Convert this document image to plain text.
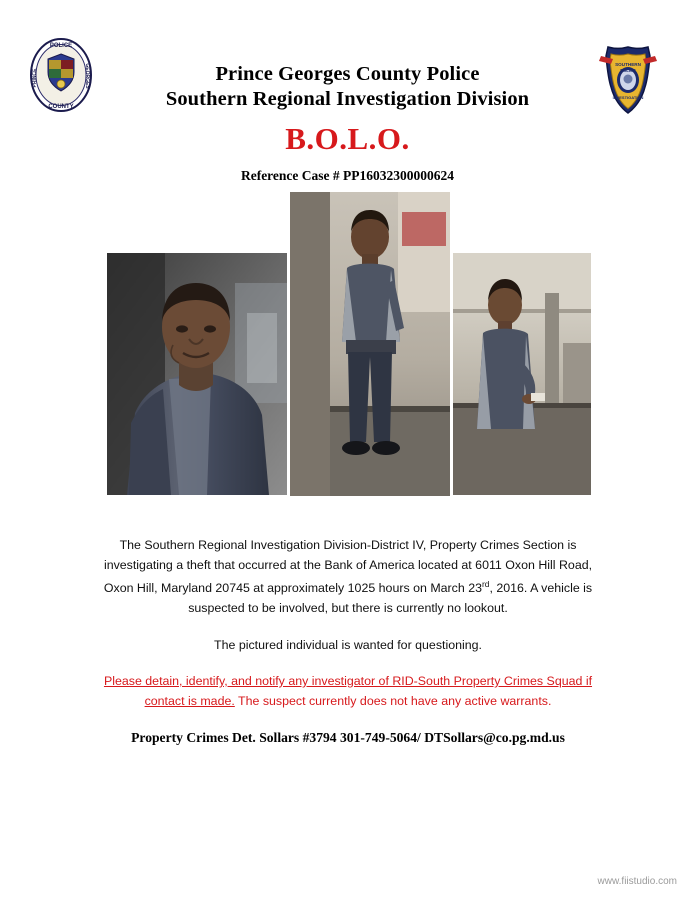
POLICE
PRINCE	GEORGES
COUNTY
SOUTHERN
POLICE
INVESTIGATION
Prince Georges County Police
Southern Regional Investigation Division
B.O.L.O.
Reference Case # PP16032300000624

The Southern Regional Investigation Division-District IV, Property Crimes Section is investigating a theft that occurred at the Bank of America located at 6011 Oxon Hill Road, Oxon Hill, Maryland 20745 at approximately 1025 hours on March 23rd, 2016. A vehicle is suspected to be involved, but there is currently no lookout.

The pictured individual is wanted for questioning.

Please detain, identify, and notify any investigator of RID-South Property Crimes Squad if contact is made. The suspect currently does not have any active warrants.

Property Crimes Det. Sollars #3794 301-749-5064/ DTSollars@co.pg.md.us

www.fiistudio.com
